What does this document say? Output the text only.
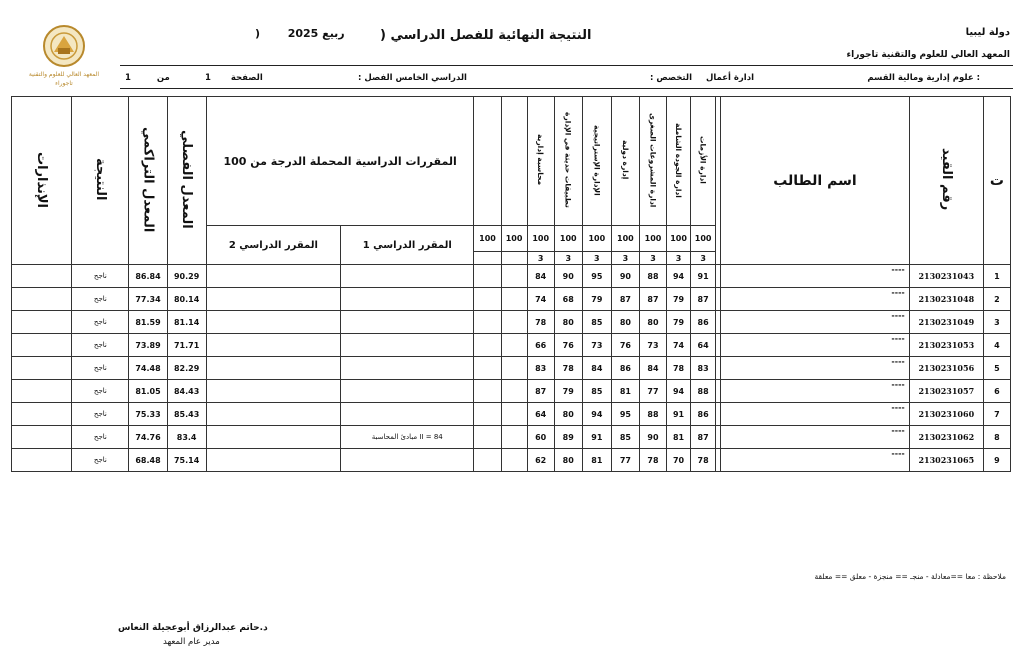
المعهد العالي للعلوم والتقنية
تاجوراء
دولة ليبيا
المعهد العالي للعلوم والتقنية تاجوراء
النتيجة النهائية للفصل الدراسي (
)	ربيع 2025
علوم إدارية ومالية القسم :
: ادارة أعمال  التخصص
: الدراسي الخامس الفصل
1 الصفحة
1	من
ت	رقم القيد	اسم الطالب		ادارة الأزمات	ادارة الجودة الشاملة	ادارة المشروعات الصغرى	إدارة دولية	الإدارة الإستراتيجية	تطبيقات حديثة في الإدارة	محاسبة إدارية			المقررات الدراسية المحملة الدرجة من 100		المعدل الفصلي	المعدل التراكمي	النتيجة	الإنذارات
				100	100	100	100	100	100	100	100	100	المقرر الدراسي 1	المقرر الدراسي 2				
				3	3	3	3	3	3	3								
1	2130231043	----		91	94	88	90	95	90	84					90.29	86.84	ناجح	
2	2130231048	----		87	79	87	87	79	68	74					80.14	77.34	ناجح	
3	2130231049	----		86	79	80	80	85	80	78					81.14	81.59	ناجح	
4	2130231053	----		64	74	73	76	73	76	66					71.71	73.89	ناجح	
5	2130231056	----		83	78	84	86	84	78	83					82.29	74.48	ناجح	
6	2130231057	----		88	94	77	81	85	79	87					84.43	81.05	ناجح	
7	2130231060	----		86	91	88	95	94	80	64					85.43	75.33	ناجح	
8	2130231062	----		87	81	90	85	91	89	60			84 = II مبادئ المحاسبة		83.4	74.76	ناجح	
9	2130231065	----		78	70	78	77	81	80	62					75.14	68.48	ناجح	
ملاحظة : معا ==معادلة - منجـ == منجزة - معلق == معلقة
د.حاتم عبدالرزاق أبوعجيلة النعاس
مدير عام المعهد
